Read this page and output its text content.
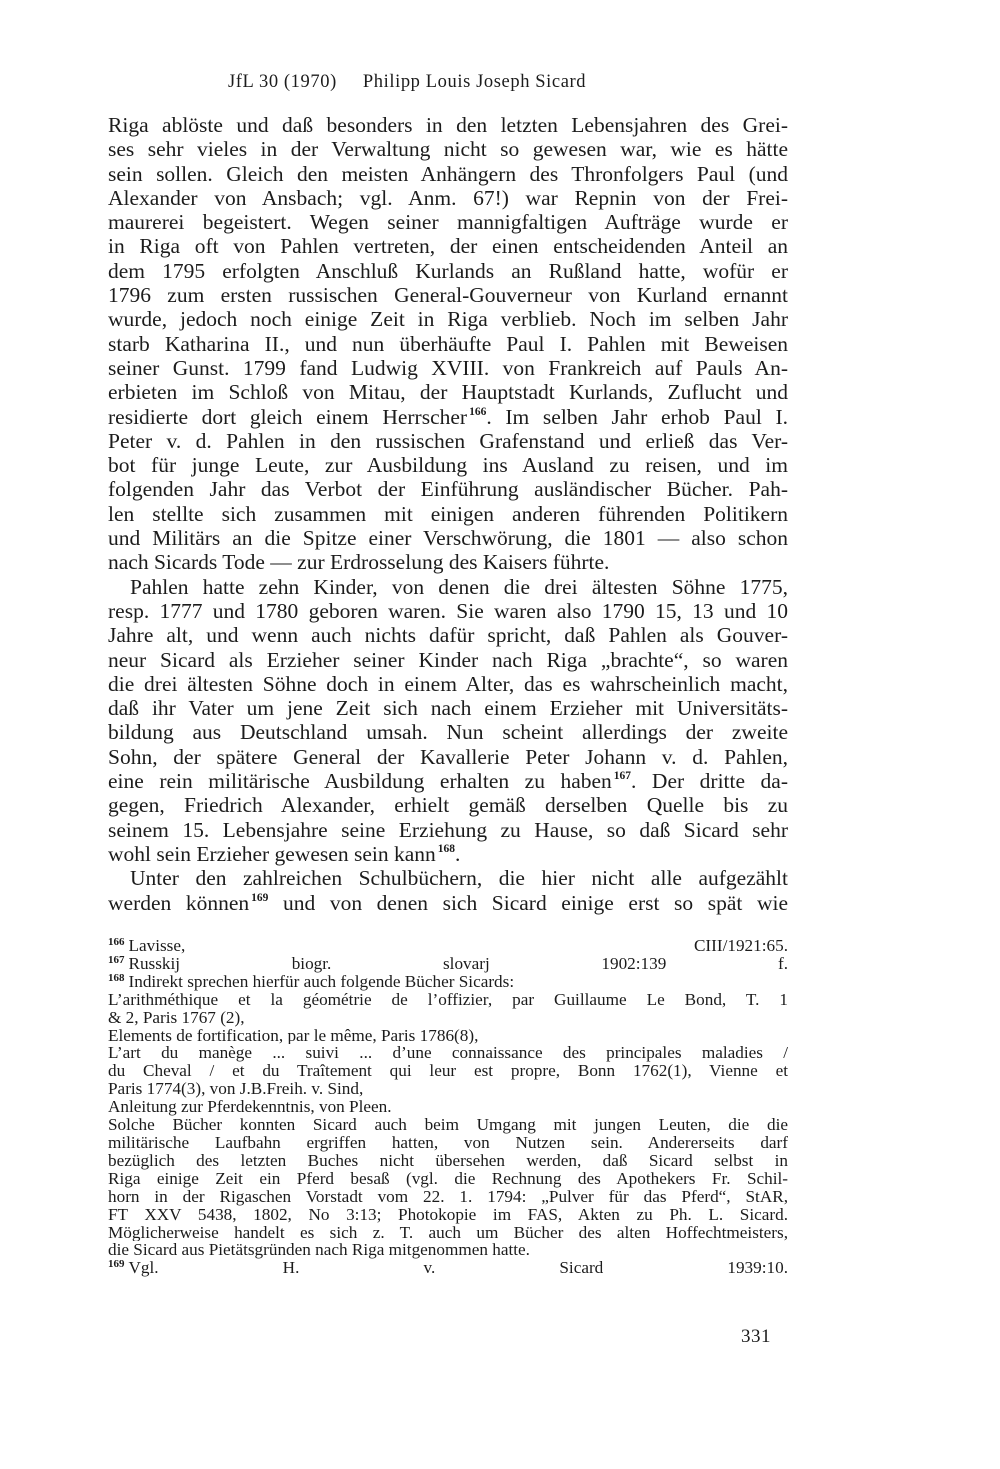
JfL 30 (1970) Philipp Louis Joseph Sicard
Riga ablöste und daß besonders in den letzten Lebensjahren des Grei-
ses sehr vieles in der Verwaltung nicht so gewesen war, wie es hätte
sein sollen. Gleich den meisten Anhängern des Thronfolgers Paul (und
Alexander von Ansbach; vgl. Anm. 67!) war Repnin von der Frei-
maurerei begeistert. Wegen seiner mannigfaltigen Aufträge wurde er
in Riga oft von Pahlen vertreten, der einen entscheidenden Anteil an
dem 1795 erfolgten Anschluß Kurlands an Rußland hatte, wofür er
1796 zum ersten russischen General-Gouverneur von Kurland ernannt
wurde, jedoch noch einige Zeit in Riga verblieb. Noch im selben Jahr
starb Katharina II., und nun überhäufte Paul I. Pahlen mit Beweisen
seiner Gunst. 1799 fand Ludwig XVIII. von Frankreich auf Pauls An-
erbieten im Schloß von Mitau, der Hauptstadt Kurlands, Zuflucht und
residierte dort gleich einem Herrscher $^{166}$. Im selben Jahr erhob Paul I.
Peter v. d. Pahlen in den russischen Grafenstand und erließ das Ver-
bot für junge Leute, zur Ausbildung ins Ausland zu reisen, und im
folgenden Jahr das Verbot der Einführung ausländischer Bücher. Pah-
len stellte sich zusammen mit einigen anderen führenden Politikern
und Militärs an die Spitze einer Verschwörung, die 1801 — also schon
nach Sicards Tode — zur Erdrosselung des Kaisers führte.
Pahlen hatte zehn Kinder, von denen die drei ältesten Söhne 1775,
resp. 1777 und 1780 geboren waren. Sie waren also 1790 15, 13 und 10
Jahre alt, und wenn auch nichts dafür spricht, daß Pahlen als Gouver-
neur Sicard als Erzieher seiner Kinder nach Riga „brachte“, so waren
die drei ältesten Söhne doch in einem Alter, das es wahrscheinlich macht,
daß ihr Vater um jene Zeit sich nach einem Erzieher mit Universitäts-
bildung aus Deutschland umsah. Nun scheint allerdings der zweite
Sohn, der spätere General der Kavallerie Peter Johann v. d. Pahlen,
eine rein militärische Ausbildung erhalten zu haben $^{167}$. Der dritte da-
gegen, Friedrich Alexander, erhielt gemäß derselben Quelle bis zu
seinem 15. Lebensjahre seine Erziehung zu Hause, so daß Sicard sehr
wohl sein Erzieher gewesen sein kann $^{168}$.
Unter den zahlreichen Schulbüchern, die hier nicht alle aufgezählt
werden können $^{169}$ und von denen sich Sicard einige erst so spät wie
$^{166}$ Lavisse, CIII/1921:65.
$^{167}$ Russkij biogr. slovarj 1902:139 f.
$^{168}$ Indirekt sprechen hierfür auch folgende Bücher Sicards:
L’arithméthique et la géométrie de l’offizier, par Guillaume Le Bond, T. 1
& 2, Paris 1767 (2),
Elements de fortification, par le même, Paris 1786(8),
L’art du manège ... suivi ... d’une connaissance des principales maladies /
du Cheval / et du Traîtement qui leur est propre, Bonn 1762(1), Vienne et
Paris 1774(3), von J.B.Freih. v. Sind,
Anleitung zur Pferdekenntnis, von Pleen.
Solche Bücher konnten Sicard auch beim Umgang mit jungen Leuten, die die
militärische Laufbahn ergriffen hatten, von Nutzen sein. Andererseits darf
bezüglich des letzten Buches nicht übersehen werden, daß Sicard selbst in
Riga einige Zeit ein Pferd besaß (vgl. die Rechnung des Apothekers Fr. Schil-
horn in der Rigaschen Vorstadt vom 22. 1. 1794: „Pulver für das Pferd“, StAR,
FT XXV 5438, 1802, No 3:13; Photokopie im FAS, Akten zu Ph. L. Sicard.
Möglicherweise handelt es sich z. T. auch um Bücher des alten Hoffechtmeisters,
die Sicard aus Pietätsgründen nach Riga mitgenommen hatte.
$^{169}$ Vgl. H. v. Sicard 1939:10.
331
